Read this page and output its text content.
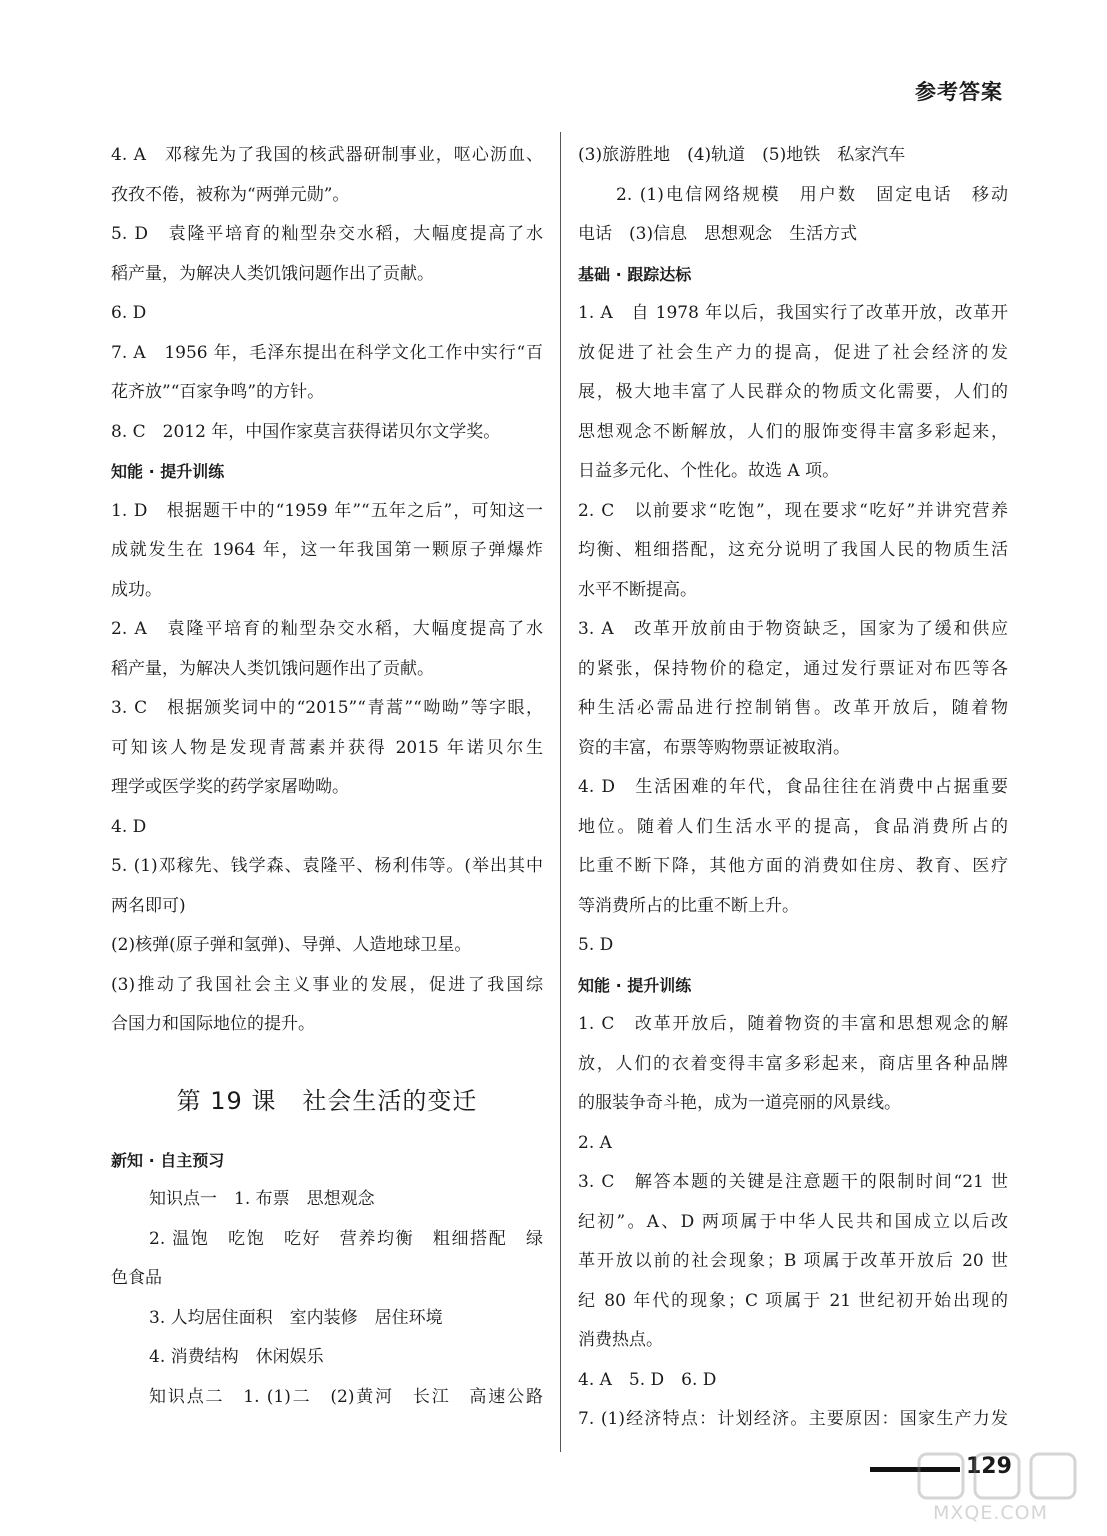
参考答案
4. A　邓稼先为了我国的核武器研制事业，呕心沥血、
孜孜不倦，被称为“两弹元勋”。
5. D　袁隆平培育的籼型杂交水稻，大幅度提高了水
稻产量，为解决人类饥饿问题作出了贡献。
6. D
7. A　1956 年，毛泽东提出在科学文化工作中实行“百
花齐放”“百家争鸣”的方针。
8. C　2012 年，中国作家莫言获得诺贝尔文学奖。
知能 · 提升训练
1. D　根据题干中的“1959 年”“五年之后”，可知这一
成就发生在 1964 年，这一年我国第一颗原子弹爆炸
成功。
2. A　袁隆平培育的籼型杂交水稻，大幅度提高了水
稻产量，为解决人类饥饿问题作出了贡献。
3. C　根据颁奖词中的“2015”“青蒿”“呦呦”等字眼，
可知该人物是发现青蒿素并获得 2015 年诺贝尔生
理学或医学奖的药学家屠呦呦。
4. D
5. (1)邓稼先、钱学森、袁隆平、杨利伟等。(举出其中
两名即可)
(2)核弹(原子弹和氢弹)、导弹、人造地球卫星。
(3)推动了我国社会主义事业的发展，促进了我国综
合国力和国际地位的提升。
第 19 课 社会生活的变迁
新知 · 自主预习
知识点一　1. 布票　思想观念
2. 温饱　吃饱　吃好　营养均衡　粗细搭配　绿
色食品
3. 人均居住面积　室内装修　居住环境
4. 消费结构　休闲娱乐
知识点二　1. (1)二　(2)黄河　长江　高速公路
(3)旅游胜地　(4)轨道　(5)地铁　私家汽车
2. (1)电信网络规模　用户数　固定电话　移动
电话　(3)信息　思想观念　生活方式
基础 · 跟踪达标
1. A　自 1978 年以后，我国实行了改革开放，改革开
放促进了社会生产力的提高，促进了社会经济的发
展，极大地丰富了人民群众的物质文化需要，人们的
思想观念不断解放，人们的服饰变得丰富多彩起来，
日益多元化、个性化。故选 A 项。
2. C　以前要求“吃饱”，现在要求“吃好”并讲究营养
均衡、粗细搭配，这充分说明了我国人民的物质生活
水平不断提高。
3. A　改革开放前由于物资缺乏，国家为了缓和供应
的紧张，保持物价的稳定，通过发行票证对布匹等各
种生活必需品进行控制销售。改革开放后，随着物
资的丰富，布票等购物票证被取消。
4. D　生活困难的年代，食品往往在消费中占据重要
地位。随着人们生活水平的提高，食品消费所占的
比重不断下降，其他方面的消费如住房、教育、医疗
等消费所占的比重不断上升。
5. D
知能 · 提升训练
1. C　改革开放后，随着物资的丰富和思想观念的解
放，人们的衣着变得丰富多彩起来，商店里各种品牌
的服装争奇斗艳，成为一道亮丽的风景线。
2. A
3. C　解答本题的关键是注意题干的限制时间“21 世
纪初”。A、D 两项属于中华人民共和国成立以后改
革开放以前的社会现象；B 项属于改革开放后 20 世
纪 80 年代的现象；C 项属于 21 世纪初开始出现的
消费热点。
4. A　5. D　6. D
7. (1)经济特点：计划经济。主要原因：国家生产力发
129
MXQE.COM
